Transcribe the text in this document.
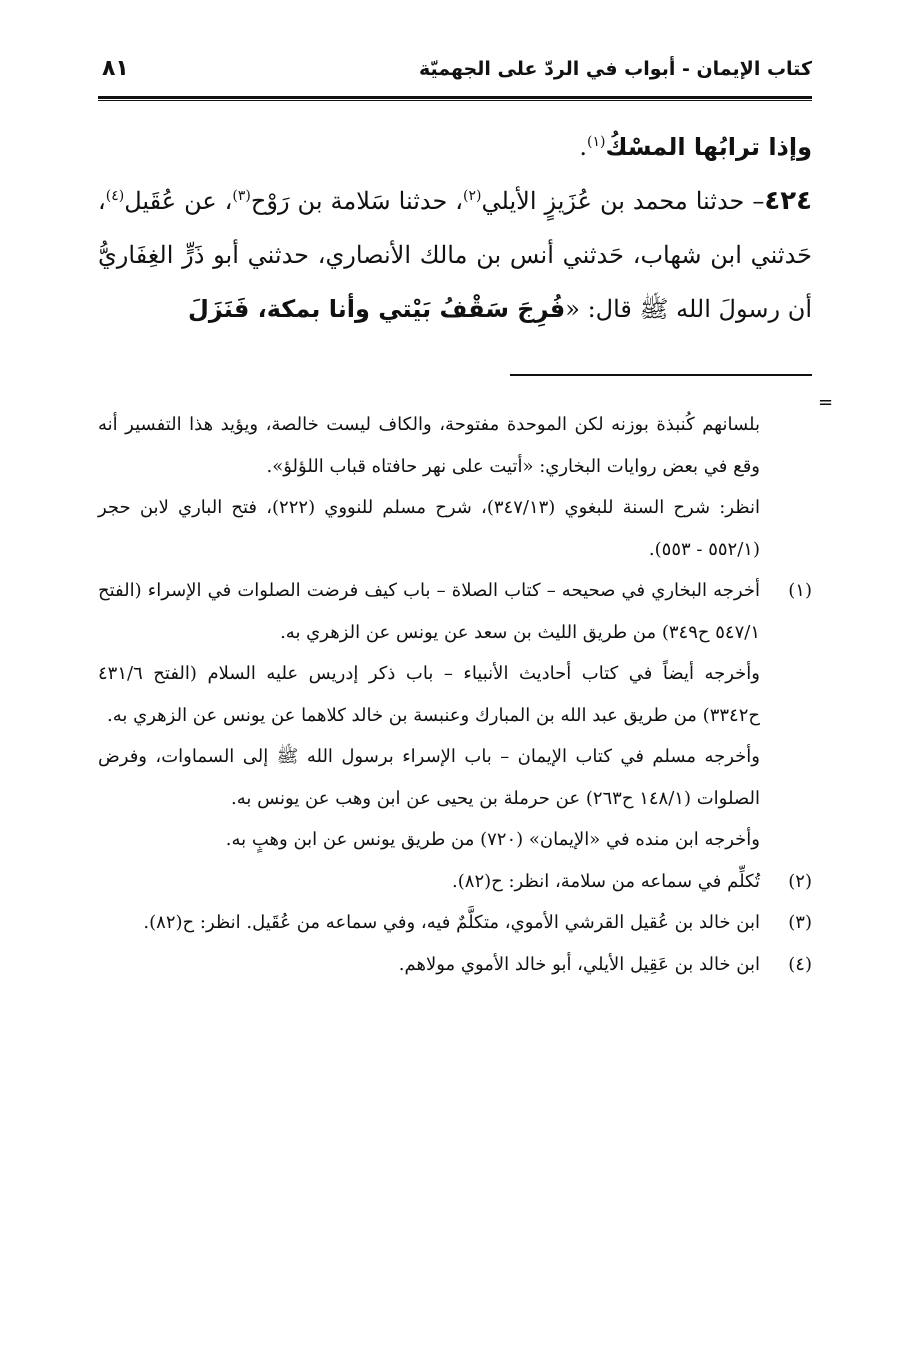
كتاب الإيمان - أبواب في الردّ على الجهميّة
٨١

وإذا ترابُها المسْكُ$^{(١)}$.

٤٢٤– حدثنا محمد بن عُزَيزٍ الأيلي$^{(٢)}$، حدثنا سَلامة بن رَوْح$^{(٣)}$، عن عُقَيل$^{(٤)}$، حَدثني ابن شهاب، حَدثني أنس بن مالك الأنصاري، حدثني أبو ذَرٍّ الغِفَاريُّ أن رسولَ الله ﷺ قال: «فُرِجَ سَقْفُ بَيْتي وأنا بمكة، فَنَزَلَ

=

بلسانهم كُنبذة بوزنه لكن الموحدة مفتوحة، والكاف ليست خالصة، ويؤيد هذا التفسير أنه وقع في بعض روايات البخاري: «أتيت على نهر حافتاه قباب اللؤلؤ».

انظر: شرح السنة للبغوي (٣٤٧/١٣)، شرح مسلم للنووي (٢٢٢)، فتح الباري لابن حجر (٥٥٢/١ - ٥٥٣).

(١)
أخرجه البخاري في صحيحه – كتاب الصلاة – باب كيف فرضت الصلوات في الإسراء (الفتح ٥٤٧/١ ح٣٤٩) من طريق الليث بن سعد عن يونس عن الزهري به.

وأخرجه أيضاً في كتاب أحاديث الأنبياء – باب ذكر إدريس عليه السلام (الفتح ٤٣١/٦ ح٣٣٤٢) من طريق عبد الله بن المبارك وعنبسة بن خالد كلاهما عن يونس عن الزهري به.

وأخرجه مسلم في كتاب الإيمان – باب الإسراء برسول الله ﷺ إلى السماوات، وفرض الصلوات (١٤٨/١ ح٢٦٣) عن حرملة بن يحيى عن ابن وهب عن يونس به.

وأخرجه ابن منده في «الإيمان» (٧٢٠) من طريق يونس عن ابن وهبٍ به.

(٢)
تُكلِّم في سماعه من سلامة، انظر: ح(٨٢).
(٣)
ابن خالد بن عُقيل القرشي الأموي، متكلَّمٌ فيه، وفي سماعه من عُقَيل. انظر: ح(٨٢).
(٤)
ابن خالد بن عَقِيل الأيلي، أبو خالد الأموي مولاهم.
